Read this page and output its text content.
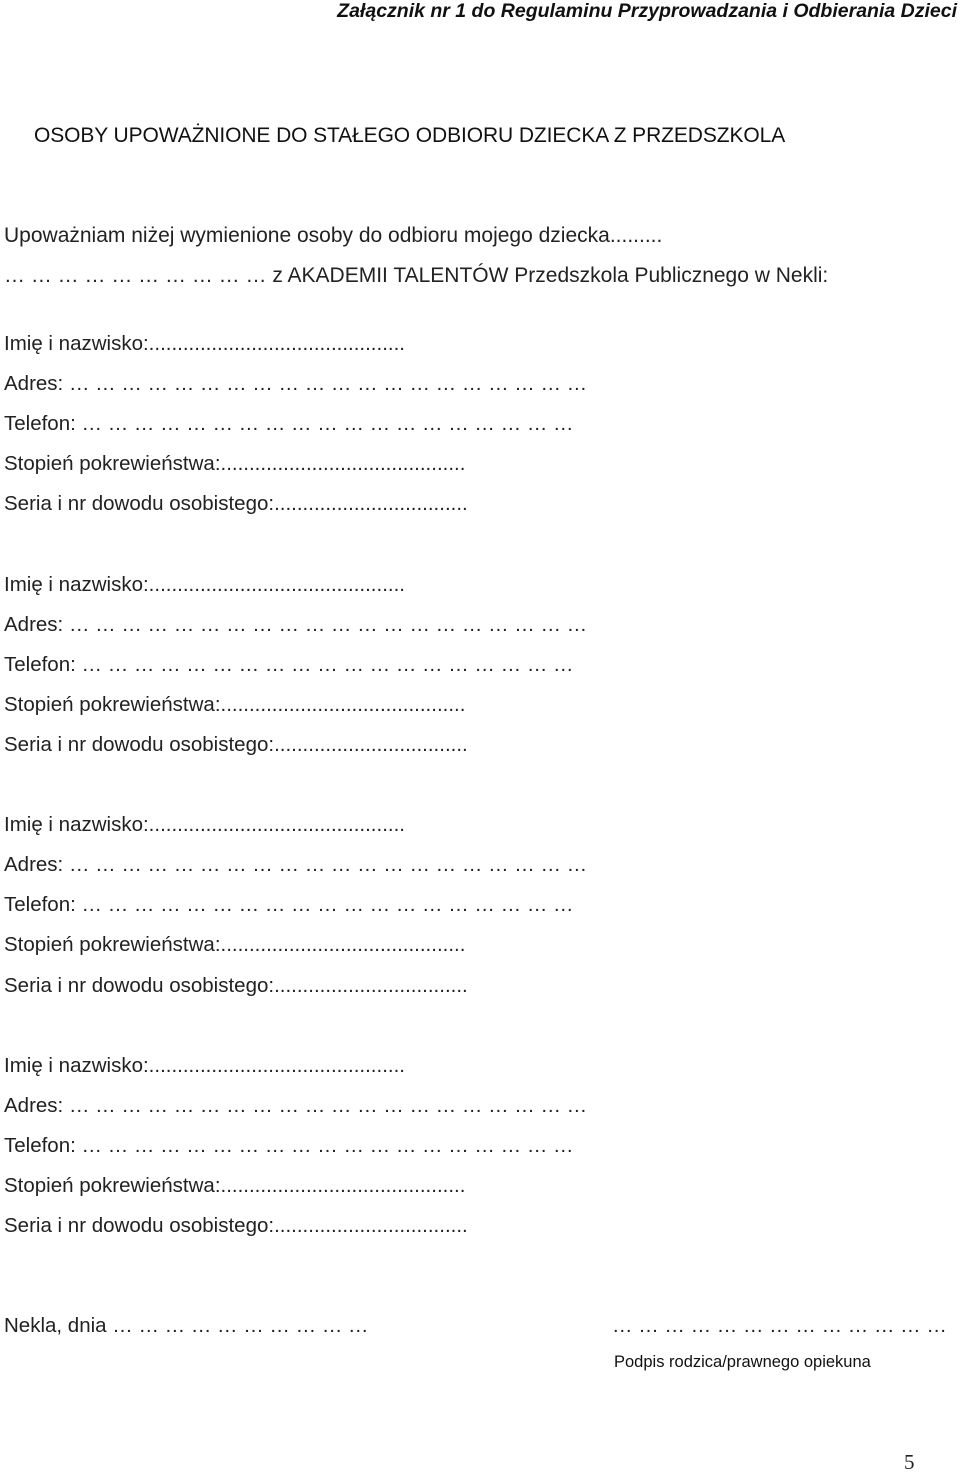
Załącznik nr 1 do Regulaminu Przyprowadzania i Odbierania Dzieci
OSOBY UPOWAŻNIONE DO STAŁEGO ODBIORU DZIECKA Z PRZEDSZKOLA
Upoważniam niżej wymienione osoby do odbioru mojego dziecka.........
… … … … … … … … … … z AKADEMII TALENTÓW Przedszkola Publicznego w Nekli:
Imię i nazwisko:.............................................
Adres: … … … … … … … … … … … … … … … … … … … …
Telefon: … … … … … … … … … … … … … … … … … … …
Stopień pokrewieństwa:...........................................
Seria i nr dowodu osobistego:..................................
Imię i nazwisko:.............................................
Adres: … … … … … … … … … … … … … … … … … … … …
Telefon: … … … … … … … … … … … … … … … … … … …
Stopień pokrewieństwa:...........................................
Seria i nr dowodu osobistego:..................................
Imię i nazwisko:.............................................
Adres: … … … … … … … … … … … … … … … … … … … …
Telefon: … … … … … … … … … … … … … … … … … … …
Stopień pokrewieństwa:...........................................
Seria i nr dowodu osobistego:..................................
Imię i nazwisko:.............................................
Adres: … … … … … … … … … … … … … … … … … … … …
Telefon: … … … … … … … … … … … … … … … … … … …
Stopień pokrewieństwa:...........................................
Seria i nr dowodu osobistego:..................................
Nekla, dnia … … … … … … … … … …	… … … … … … … … … … … … …
Podpis rodzica/prawnego opiekuna
5
